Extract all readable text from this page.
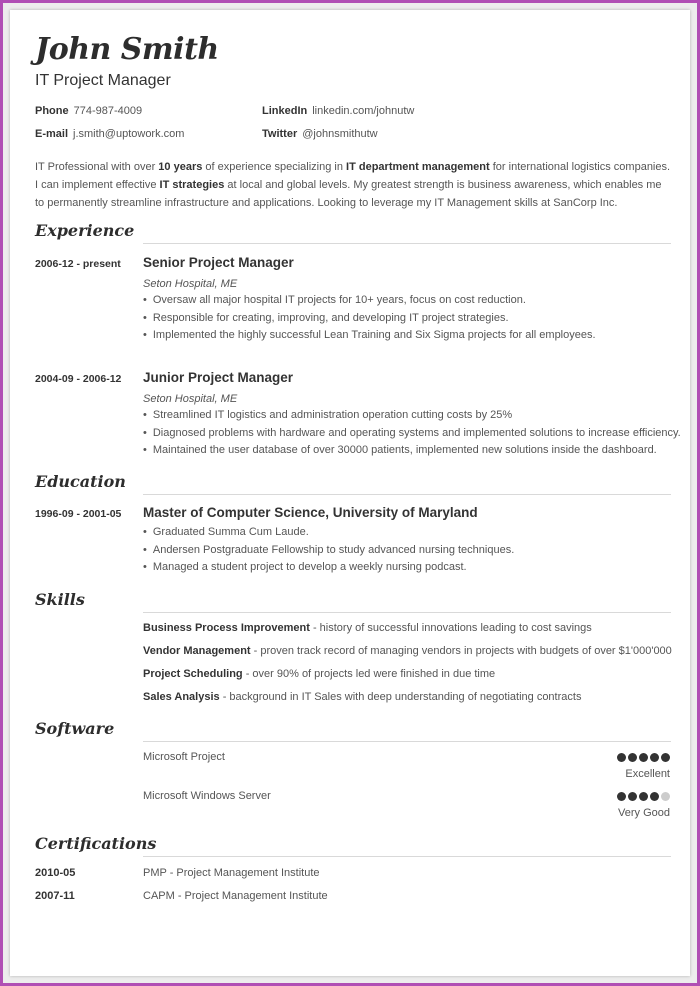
John Smith
IT Project Manager
Phone 774-987-4009
E-mail j.smith@uptowork.com
LinkedIn linkedin.com/johnutw
Twitter @johnsmithutw
IT Professional with over 10 years of experience specializing in IT department management for international logistics companies. I can implement effective IT strategies at local and global levels. My greatest strength is business awareness, which enables me to permanently streamline infrastructure and applications. Looking to leverage my IT Management skills at SanCorp Inc.
Experience
2006-12 - present Senior Project Manager
Seton Hospital, ME
• Oversaw all major hospital IT projects for 10+ years, focus on cost reduction.
• Responsible for creating, improving, and developing IT project strategies.
• Implemented the highly successful Lean Training and Six Sigma projects for all employees.
2004-09 - 2006-12 Junior Project Manager
Seton Hospital, ME
• Streamlined IT logistics and administration operation cutting costs by 25%
• Diagnosed problems with hardware and operating systems and implemented solutions to increase efficiency.
• Maintained the user database of over 30000 patients, implemented new solutions inside the dashboard.
Education
1996-09 - 2001-05 Master of Computer Science, University of Maryland
• Graduated Summa Cum Laude.
• Andersen Postgraduate Fellowship to study advanced nursing techniques.
• Managed a student project to develop a weekly nursing podcast.
Skills
Business Process Improvement - history of successful innovations leading to cost savings
Vendor Management - proven track record of managing vendors in projects with budgets of over $1'000'000
Project Scheduling - over 90% of projects led were finished in due time
Sales Analysis - background in IT Sales with deep understanding of negotiating contracts
Software
Microsoft Project
Excellent
Microsoft Windows Server
Very Good
Certifications
2010-05	PMP - Project Management Institute
2007-11	CAPM - Project Management Institute
